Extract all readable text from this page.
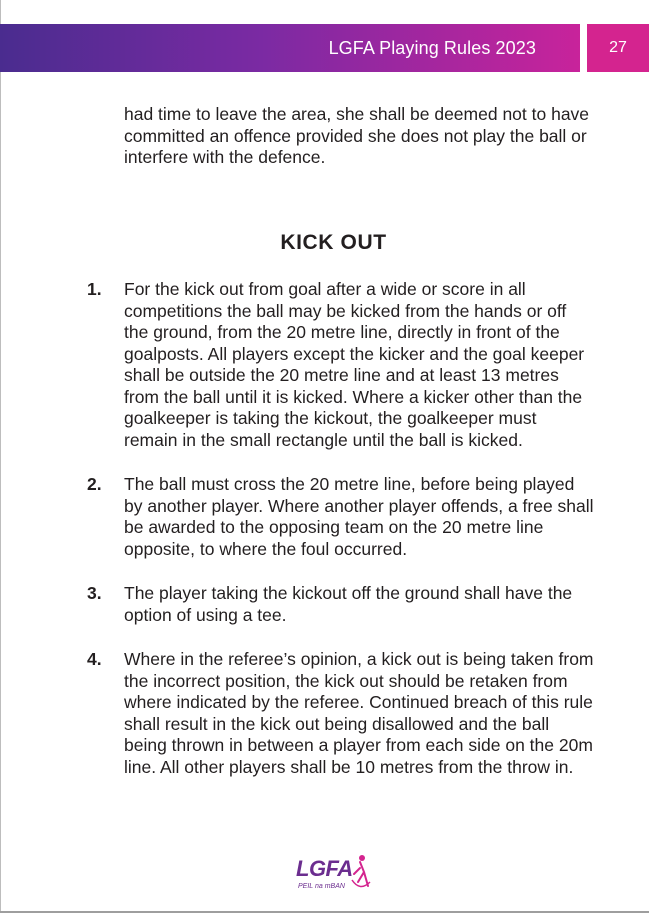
LGFA Playing Rules 2023	27

had time to leave the area, she shall be deemed not to have committed an offence provided she does not play the ball or interfere with the defence.

KICK OUT
1. For the kick out from goal after a wide or score in all competitions the ball may be kicked from the hands or off the ground, from the 20 metre line, directly in front of the goalposts. All players except the kicker and the goal keeper shall be outside the 20 metre line and at least 13 metres from the ball until it is kicked. Where a kicker other than the goalkeeper is taking the kickout, the goalkeeper must remain in the small rectangle until the ball is kicked.

2. The ball must cross the 20 metre line, before being played by another player. Where another player offends, a free shall be awarded to the opposing team on the 20 metre line opposite, to where the foul occurred.

3. The player taking the kickout off the ground shall have the option of using a tee.

4. Where in the referee’s opinion, a kick out is being taken from the incorrect position, the kick out should be retaken from where indicated by the referee. Continued breach of this rule shall result in the kick out being disallowed and the ball being thrown in between a player from each side on the 20m line. All other players shall be 10 metres from the throw in.

LGFA
PEIL na mBAN
